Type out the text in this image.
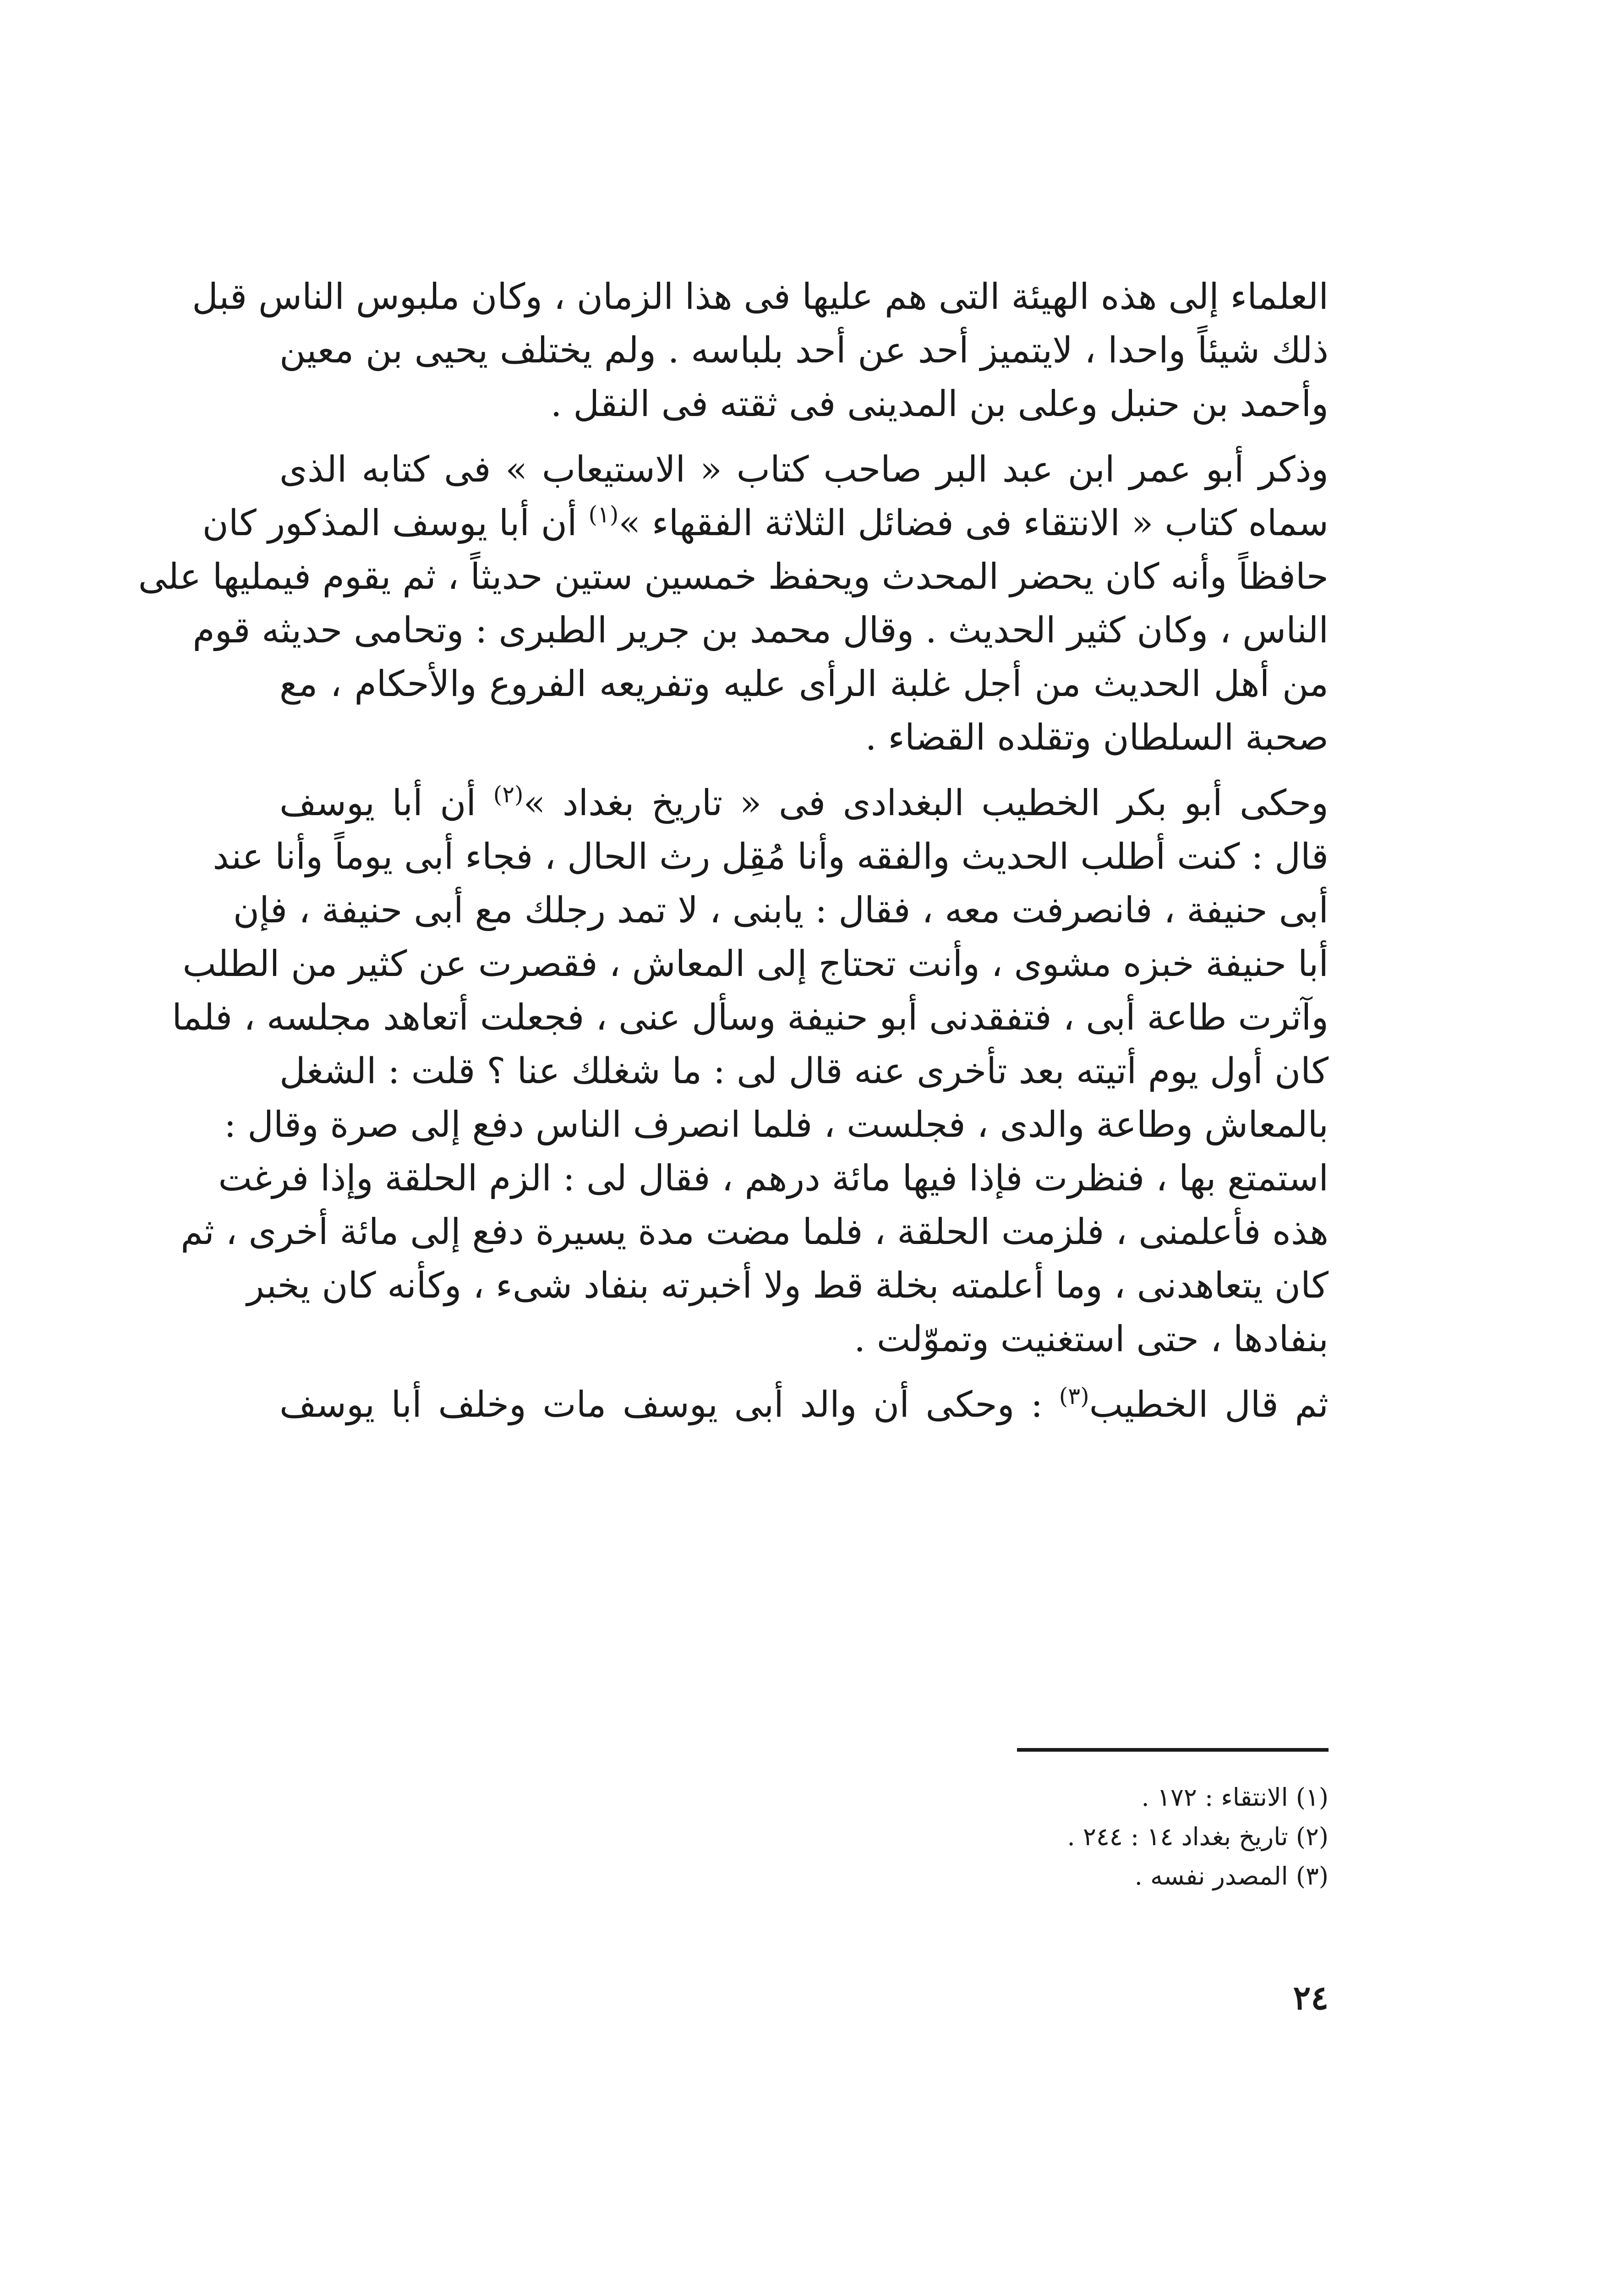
العلماء إلى هذه الهيئة التى هم عليها فى هذا الزمان ، وكان ملبوس الناس قبل
ذلك شيئاً واحدا ، لايتميز أحد عن أحد بلباسه . ولم يختلف يحيى بن معين
وأحمد بن حنبل وعلى بن المدينى فى ثقته فى النقل .
وذكر أبو عمر ابن عبد البر صاحب كتاب « الاستيعاب » فى كتابه الذى
سماه كتاب « الانتقاء فى فضائل الثلاثة الفقهاء »$^{(١)}$ أن أبا يوسف المذكور كان
حافظاً وأنه كان يحضر المحدث ويحفظ خمسين ستين حديثاً ، ثم يقوم فيمليها على
الناس ، وكان كثير الحديث . وقال محمد بن جرير الطبرى : وتحامى حديثه قوم
من أهل الحديث من أجل غلبة الرأى عليه وتفريعه الفروع والأحكام ، مع
صحبة السلطان وتقلده القضاء .
وحكى أبو بكر الخطيب البغدادى فى « تاريخ بغداد »$^{(٢)}$ أن أبا يوسف
قال : كنت أطلب الحديث والفقه وأنا مُقِل رث الحال ، فجاء أبى يوماً وأنا عند
أبى حنيفة ، فانصرفت معه ، فقال : يابنى ، لا تمد رجلك مع أبى حنيفة ، فإن
أبا حنيفة خبزه مشوى ، وأنت تحتاج إلى المعاش ، فقصرت عن كثير من الطلب
وآثرت طاعة أبى ، فتفقدنى أبو حنيفة وسأل عنى ، فجعلت أتعاهد مجلسه ، فلما
كان أول يوم أتيته بعد تأخرى عنه قال لى : ما شغلك عنا ؟ قلت : الشغل
بالمعاش وطاعة والدى ، فجلست ، فلما انصرف الناس دفع إلى صرة وقال :
استمتع بها ، فنظرت فإذا فيها مائة درهم ، فقال لى : الزم الحلقة وإذا فرغت
هذه فأعلمنى ، فلزمت الحلقة ، فلما مضت مدة يسيرة دفع إلى مائة أخرى ، ثم
كان يتعاهدنى ، وما أعلمته بخلة قط ولا أخبرته بنفاد شىء ، وكأنه كان يخبر
بنفادها ، حتى استغنيت وتموّلت .
ثم قال الخطيب$^{(٣)}$ : وحكى أن والد أبى يوسف مات وخلف أبا يوسف
(١) الانتقاء : ١٧٢ .
(٢) تاريخ بغداد ١٤ : ٢٤٤ .
(٣) المصدر نفسه .
٢٤
